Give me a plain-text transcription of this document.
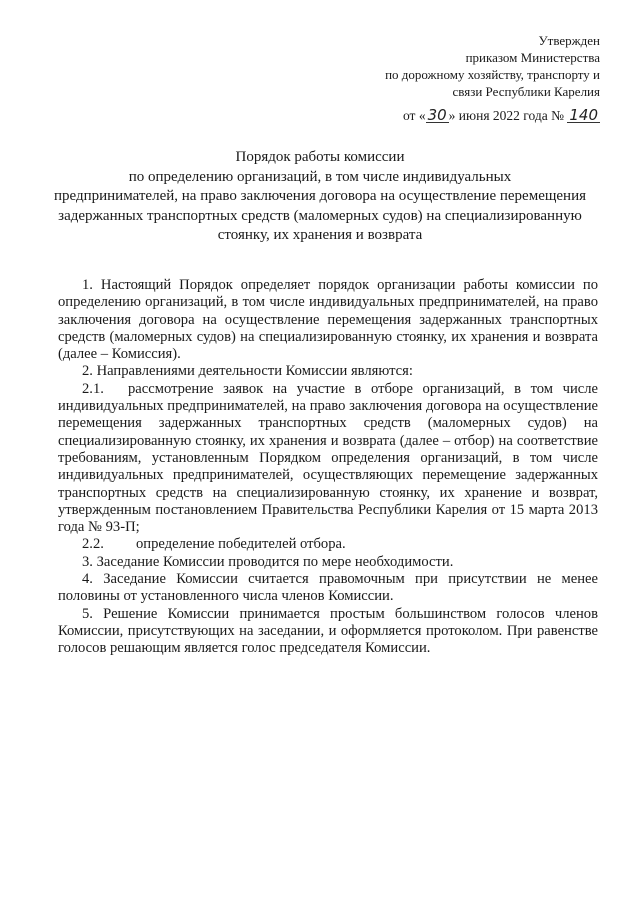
Утвержден
приказом Министерства
по дорожному хозяйству, транспорту и
связи Республики Карелия
от « 30 » июня 2022 года № 140
Порядок работы комиссии
по определению организаций, в том числе индивидуальных
предпринимателей, на право заключения договора на осуществление перемещения
задержанных транспортных средств (маломерных судов) на специализированную
стоянку, их хранения и возврата

1. Настоящий Порядок определяет порядок организации работы комиссии по определению организаций, в том числе индивидуальных предпринимателей, на право заключения договора на осуществление перемещения задержанных транспортных средств (маломерных судов) на специализированную стоянку, их хранения и возврата (далее – Комиссия).

2. Направлениями деятельности Комиссии являются:

2.1. рассмотрение заявок на участие в отборе организаций, в том числе индивидуальных предпринимателей, на право заключения договора на осуществление перемещения задержанных транспортных средств (маломерных судов) на специализированную стоянку, их хранения и возврата (далее – отбор) на соответствие требованиям, установленным Порядком определения организаций, в том числе индивидуальных предпринимателей, осуществляющих перемещение задержанных транспортных средств на специализированную стоянку, их хранение и возврат, утвержденным постановлением Правительства Республики Карелия от 15 марта 2013 года № 93-П;

2.2. определение победителей отбора.

3. Заседание Комиссии проводится по мере необходимости.

4. Заседание Комиссии считается правомочным при присутствии не менее половины от установленного числа членов Комиссии.

5. Решение Комиссии принимается простым большинством голосов членов Комиссии, присутствующих на заседании, и оформляется протоколом. При равенстве голосов решающим является голос председателя Комиссии.
